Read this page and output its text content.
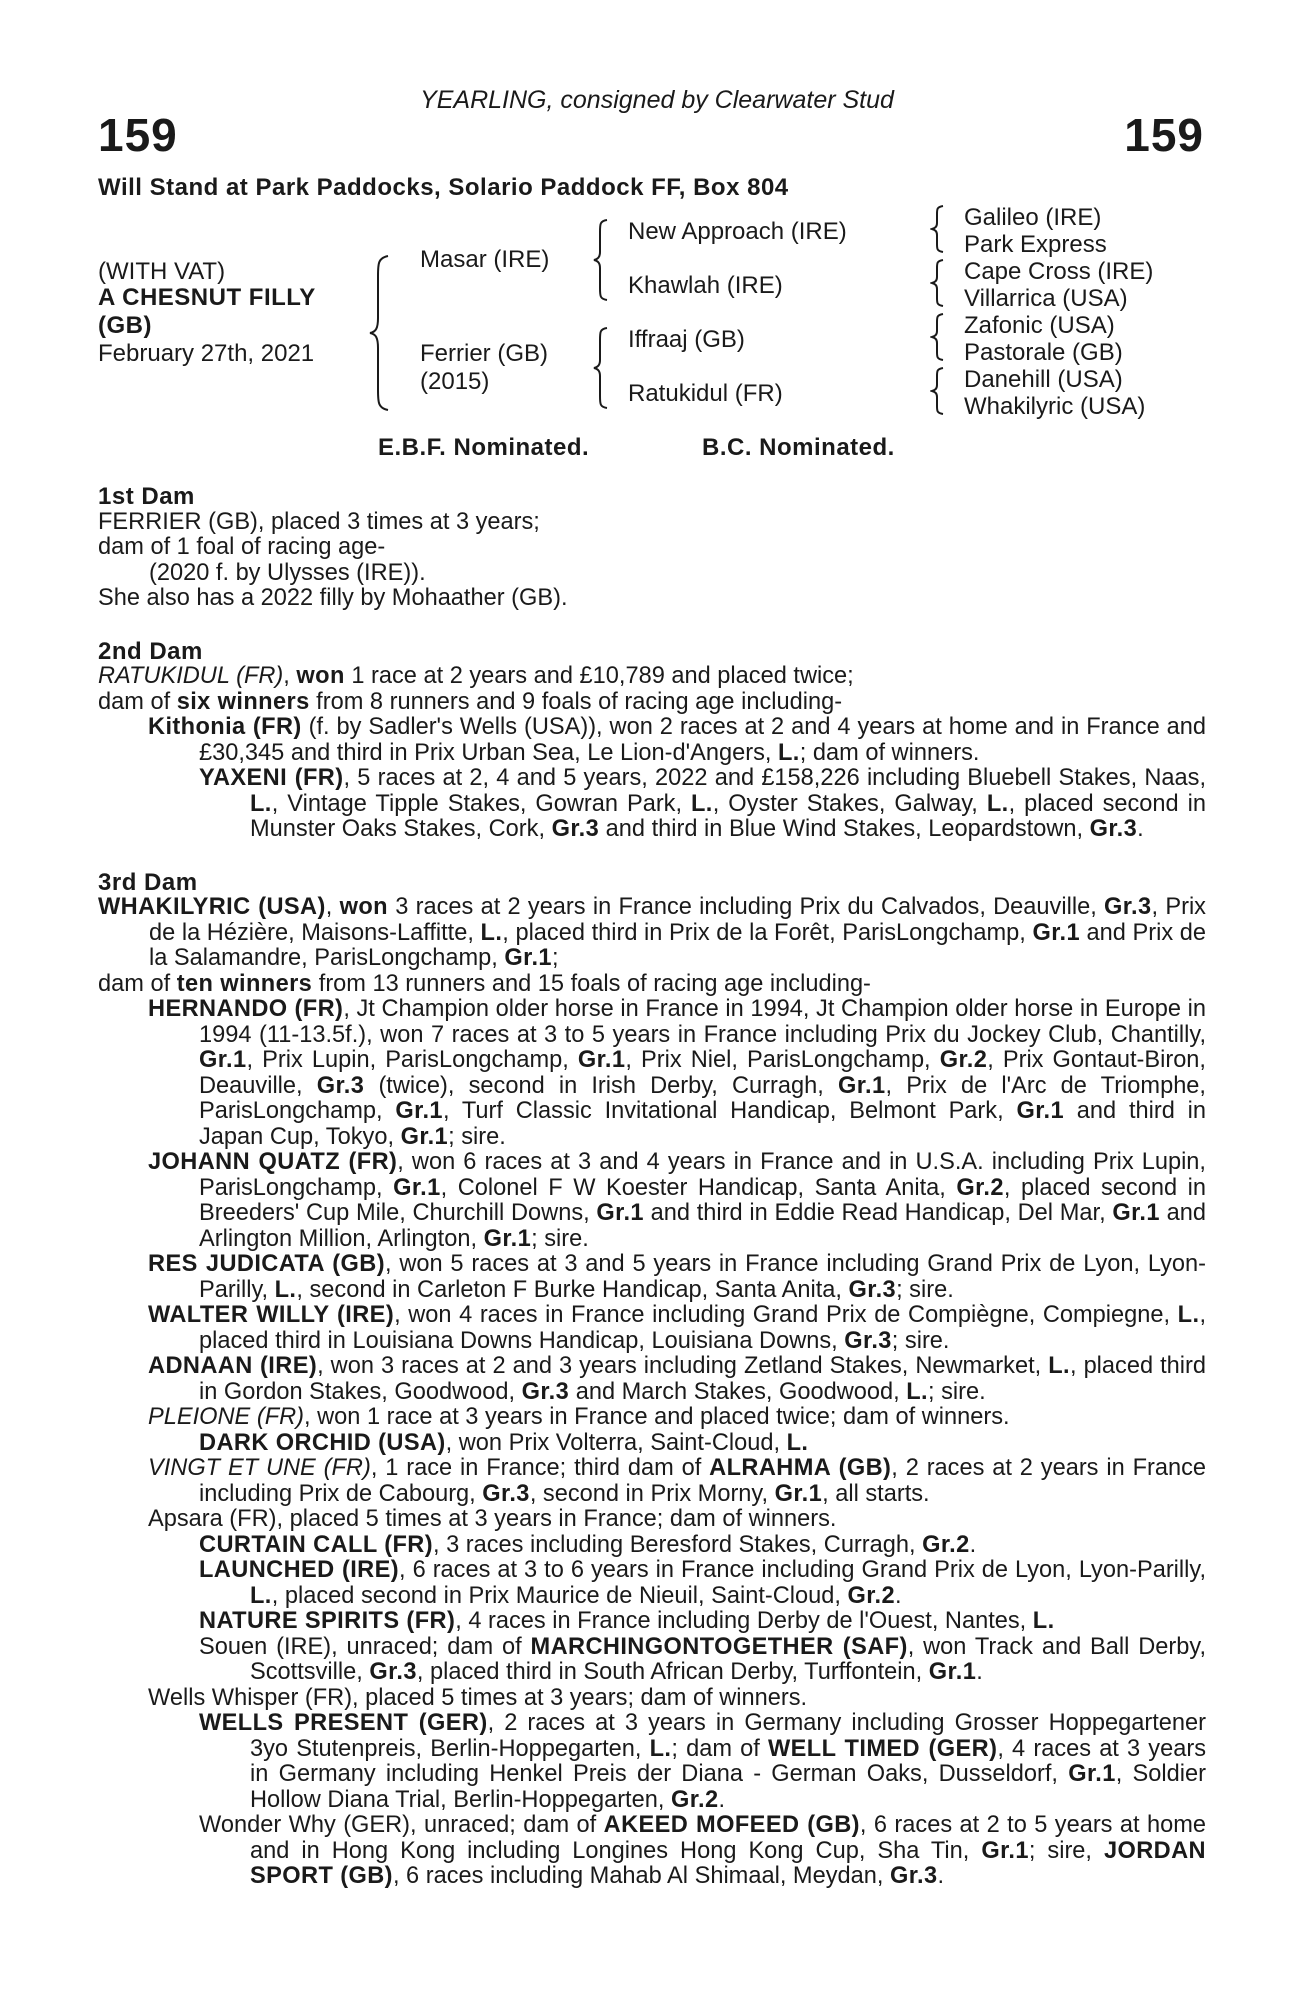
YEARLING, consigned by Clearwater Stud
159	159
Will Stand at Park Paddocks, Solario Paddock FF, Box 804
(WITH VAT)
A CHESNUT FILLY
(GB)
February 27th, 2021
Masar (IRE)
Ferrier (GB)
(2015)
New Approach (IRE)
Khawlah (IRE)
Iffraaj (GB)
Ratukidul (FR)
Galileo (IRE)
Park Express
Cape Cross (IRE)
Villarrica (USA)
Zafonic (USA)
Pastorale (GB)
Danehill (USA)
Whakilyric (USA)
E.B.F. Nominated.	B.C. Nominated.
1st Dam
FERRIER (GB), placed 3 times at 3 years;
dam of 1 foal of racing age-
(2020 f. by Ulysses (IRE)).
She also has a 2022 filly by Mohaather (GB).
2nd Dam
RATUKIDUL (FR), won 1 race at 2 years and £10,789 and placed twice;
dam of six winners from 8 runners and 9 foals of racing age including-
Kithonia (FR) (f. by Sadler's Wells (USA)), won 2 races at 2 and 4 years at home and in France and £30,345 and third in Prix Urban Sea, Le Lion-d'Angers, L.; dam of winners.
YAXENI (FR), 5 races at 2, 4 and 5 years, 2022 and £158,226 including Bluebell Stakes, Naas, L., Vintage Tipple Stakes, Gowran Park, L., Oyster Stakes, Galway, L., placed second in Munster Oaks Stakes, Cork, Gr.3 and third in Blue Wind Stakes, Leopardstown, Gr.3.
3rd Dam
WHAKILYRIC (USA), won 3 races at 2 years in France including Prix du Calvados, Deauville, Gr.3, Prix de la Hézière, Maisons-Laffitte, L., placed third in Prix de la Forêt, ParisLongchamp, Gr.1 and Prix de la Salamandre, ParisLongchamp, Gr.1;
dam of ten winners from 13 runners and 15 foals of racing age including-
HERNANDO (FR), Jt Champion older horse in France in 1994, Jt Champion older horse in Europe in 1994 (11-13.5f.), won 7 races at 3 to 5 years in France including Prix du Jockey Club, Chantilly, Gr.1, Prix Lupin, ParisLongchamp, Gr.1, Prix Niel, ParisLongchamp, Gr.2, Prix Gontaut-Biron, Deauville, Gr.3 (twice), second in Irish Derby, Curragh, Gr.1, Prix de l'Arc de Triomphe, ParisLongchamp, Gr.1, Turf Classic Invitational Handicap, Belmont Park, Gr.1 and third in Japan Cup, Tokyo, Gr.1; sire.
JOHANN QUATZ (FR), won 6 races at 3 and 4 years in France and in U.S.A. including Prix Lupin, ParisLongchamp, Gr.1, Colonel F W Koester Handicap, Santa Anita, Gr.2, placed second in Breeders' Cup Mile, Churchill Downs, Gr.1 and third in Eddie Read Handicap, Del Mar, Gr.1 and Arlington Million, Arlington, Gr.1; sire.
RES JUDICATA (GB), won 5 races at 3 and 5 years in France including Grand Prix de Lyon, Lyon-Parilly, L., second in Carleton F Burke Handicap, Santa Anita, Gr.3; sire.
WALTER WILLY (IRE), won 4 races in France including Grand Prix de Compiègne, Compiegne, L., placed third in Louisiana Downs Handicap, Louisiana Downs, Gr.3; sire.
ADNAAN (IRE), won 3 races at 2 and 3 years including Zetland Stakes, Newmarket, L., placed third in Gordon Stakes, Goodwood, Gr.3 and March Stakes, Goodwood, L.; sire.
PLEIONE (FR), won 1 race at 3 years in France and placed twice; dam of winners.
DARK ORCHID (USA), won Prix Volterra, Saint-Cloud, L.
VINGT ET UNE (FR), 1 race in France; third dam of ALRAHMA (GB), 2 races at 2 years in France including Prix de Cabourg, Gr.3, second in Prix Morny, Gr.1, all starts.
Apsara (FR), placed 5 times at 3 years in France; dam of winners.
CURTAIN CALL (FR), 3 races including Beresford Stakes, Curragh, Gr.2.
LAUNCHED (IRE), 6 races at 3 to 6 years in France including Grand Prix de Lyon, Lyon-Parilly, L., placed second in Prix Maurice de Nieuil, Saint-Cloud, Gr.2.
NATURE SPIRITS (FR), 4 races in France including Derby de l'Ouest, Nantes, L.
Souen (IRE), unraced; dam of MARCHINGONTOGETHER (SAF), won Track and Ball Derby, Scottsville, Gr.3, placed third in South African Derby, Turffontein, Gr.1.
Wells Whisper (FR), placed 5 times at 3 years; dam of winners.
WELLS PRESENT (GER), 2 races at 3 years in Germany including Grosser Hoppegartener 3yo Stutenpreis, Berlin-Hoppegarten, L.; dam of WELL TIMED (GER), 4 races at 3 years in Germany including Henkel Preis der Diana - German Oaks, Dusseldorf, Gr.1, Soldier Hollow Diana Trial, Berlin-Hoppegarten, Gr.2.
Wonder Why (GER), unraced; dam of AKEED MOFEED (GB), 6 races at 2 to 5 years at home and in Hong Kong including Longines Hong Kong Cup, Sha Tin, Gr.1; sire, JORDAN SPORT (GB), 6 races including Mahab Al Shimaal, Meydan, Gr.3.
